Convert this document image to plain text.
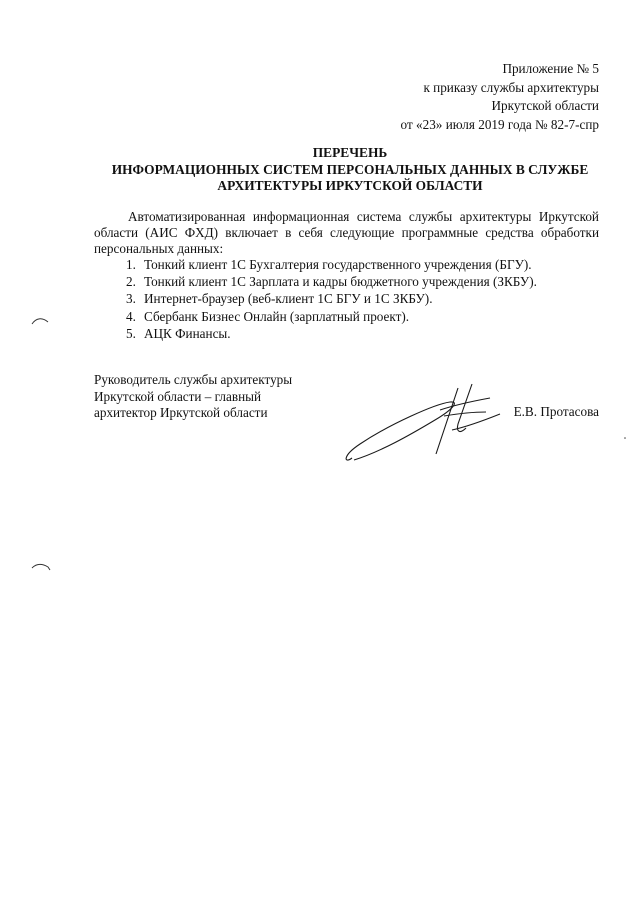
Приложение № 5
к приказу службы архитектуры
Иркутской области
от «23» июля 2019 года № 82-7-спр
ПЕРЕЧЕНЬ
ИНФОРМАЦИОННЫХ СИСТЕМ ПЕРСОНАЛЬНЫХ ДАННЫХ В СЛУЖБЕ
АРХИТЕКТУРЫ ИРКУТСКОЙ ОБЛАСТИ
Автоматизированная информационная система службы архитектуры Иркутской области (АИС ФХД) включает в себя следующие программные средства обработки персональных данных:
1. Тонкий клиент 1С Бухгалтерия государственного учреждения (БГУ).
2. Тонкий клиент 1С Зарплата и кадры бюджетного учреждения (ЗКБУ).
3. Интернет-браузер (веб-клиент 1С БГУ и 1С ЗКБУ).
4. Сбербанк Бизнес Онлайн (зарплатный проект).
5. АЦК Финансы.
Руководитель службы архитектуры
Иркутской области – главный
архитектор Иркутской области	Е.В. Протасова
